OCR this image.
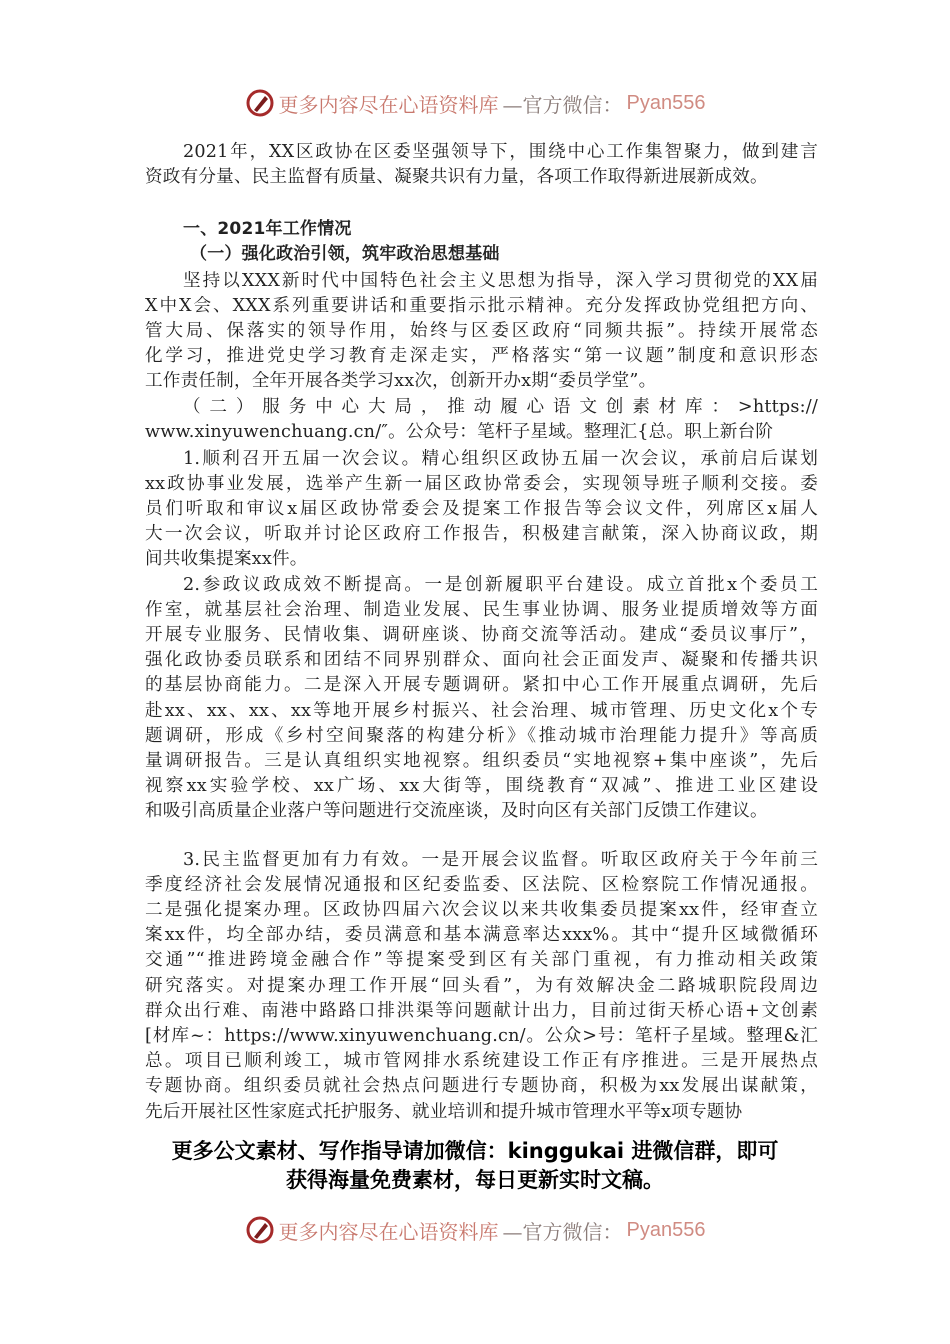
更多内容尽在心语资料库 —官方微信： Pyan556
2021年，XX区政协在区委坚强领导下，围绕中心工作集智聚力，做到建言
资政有分量、民主监督有质量、凝聚共识有力量，各项工作取得新进展新成效。
一、2021年工作情况
（一）强化政治引领，筑牢政治思想基础
坚持以XXX新时代中国特色社会主义思想为指导，深入学习贯彻党的XX届
X中X会、XXX系列重要讲话和重要指示批示精神。充分发挥政协党组把方向、
管大局、保落实的领导作用，始终与区委区政府“同频共振”。持续开展常态
化学习，推进党史学习教育走深走实，严格落实“第一议题”制度和意识形态
工作责任制，全年开展各类学习xx次，创新开办x期“委员学堂”。
（二）服务中心大局，推动履心语文创素材库：>https://
www.xinyuwenchuang.cn/″。公众号：笔杆子星域。整理汇{总。职上新台阶
1.顺利召开五届一次会议。精心组织区政协五届一次会议，承前启后谋划
xx政协事业发展，选举产生新一届区政协常委会，实现领导班子顺利交接。委
员们听取和审议x届区政协常委会及提案工作报告等会议文件，列席区x届人
大一次会议，听取并讨论区政府工作报告，积极建言献策，深入协商议政，期
间共收集提案xx件。
2.参政议政成效不断提高。一是创新履职平台建设。成立首批x个委员工
作室，就基层社会治理、制造业发展、民生事业协调、服务业提质增效等方面
开展专业服务、民情收集、调研座谈、协商交流等活动。建成“委员议事厅”，
强化政协委员联系和团结不同界别群众、面向社会正面发声、凝聚和传播共识
的基层协商能力。二是深入开展专题调研。紧扣中心工作开展重点调研，先后
赴xx、xx、xx、xx等地开展乡村振兴、社会治理、城市管理、历史文化x个专
题调研，形成《乡村空间聚落的构建分析》《推动城市治理能力提升》等高质
量调研报告。三是认真组织实地视察。组织委员“实地视察+集中座谈”，先后
视察xx实验学校、xx广场、xx大街等，围绕教育“双减”、推进工业区建设
和吸引高质量企业落户等问题进行交流座谈，及时向区有关部门反馈工作建议。
3.民主监督更加有力有效。一是开展会议监督。听取区政府关于今年前三
季度经济社会发展情况通报和区纪委监委、区法院、区检察院工作情况通报。
二是强化提案办理。区政协四届六次会议以来共收集委员提案xx件，经审查立
案xx件，均全部办结，委员满意和基本满意率达xxx%。其中“提升区域微循环
交通”“推进跨境金融合作”等提案受到区有关部门重视，有力推动相关政策
研究落实。对提案办理工作开展“回头看”，为有效解决金二路城职院段周边
群众出行难、南港中路路口排洪渠等问题献计出力，目前过街天桥心语+文创素
[材库~：https://www.xinyuwenchuang.cn/。公众>号：笔杆子星域。整理&汇
总。项目已顺利竣工，城市管网排水系统建设工作正有序推进。三是开展热点
专题协商。组织委员就社会热点问题进行专题协商，积极为xx发展出谋献策，
先后开展社区性家庭式托护服务、就业培训和提升城市管理水平等x项专题协
更多公文素材、写作指导请加微信：kinggukai 进微信群，即可
获得海量免费素材，每日更新实时文稿。
更多内容尽在心语资料库 —官方微信： Pyan556
